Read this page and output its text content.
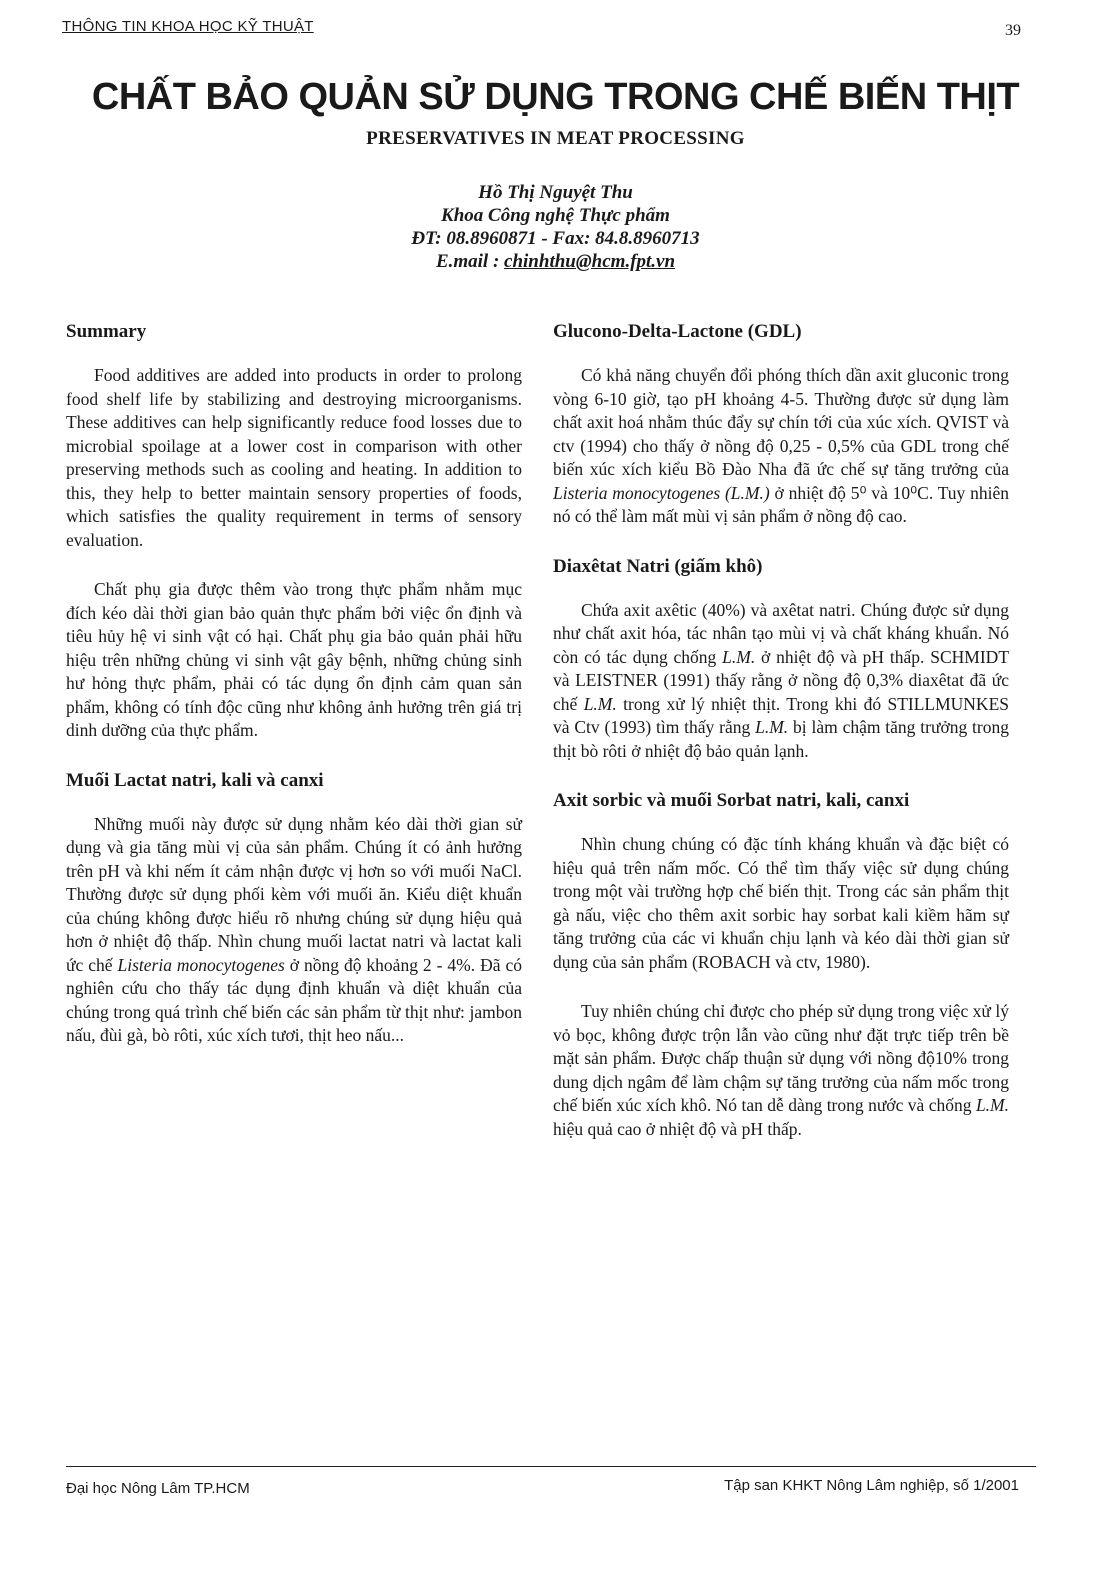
THÔNG TIN KHOA HỌC KỸ THUẬT	39
CHẤT BẢO QUẢN SỬ DỤNG TRONG CHẾ BIẾN THỊT
PRESERVATIVES IN MEAT PROCESSING
Hồ Thị Nguyệt Thu
Khoa Công nghệ Thực phẩm
ĐT: 08.8960871 - Fax: 84.8.8960713
E.mail : chinhthu@hcm.fpt.vn
Summary

Food additives are added into products in order to prolong food shelf life by stabilizing and destroying microorganisms. These additives can help significantly reduce food losses due to microbial spoilage at a lower cost in comparison with other preserving methods such as cooling and heating. In addition to this, they help to better maintain sensory properties of foods, which satisfies the quality requirement in terms of sensory evaluation.

Chất phụ gia được thêm vào trong thực phẩm nhằm mục đích kéo dài thời gian bảo quản thực phẩm bởi việc ổn định và tiêu hủy hệ vi sinh vật có hại. Chất phụ gia bảo quản phải hữu hiệu trên những chủng vi sinh vật gây bệnh, những chủng sinh hư hỏng thực phẩm, phải có tác dụng ổn định cảm quan sản phẩm, không có tính độc cũng như không ảnh hưởng trên giá trị dinh dưỡng của thực phẩm.

Muối Lactat natri, kali và canxi

Những muối này được sử dụng nhằm kéo dài thời gian sử dụng và gia tăng mùi vị của sản phẩm. Chúng ít có ảnh hưởng trên pH và khi nếm ít cảm nhận được vị hơn so với muối NaCl. Thường được sử dụng phối kèm với muối ăn. Kiểu diệt khuẩn của chúng không được hiểu rõ nhưng chúng sử dụng hiệu quả hơn ở nhiệt độ thấp. Nhìn chung muối lactat natri và lactat kali ức chế Listeria monocytogenes ở nồng độ khoảng 2 - 4%. Đã có nghiên cứu cho thấy tác dụng định khuẩn và diệt khuẩn của chúng trong quá trình chế biến các sản phẩm từ thịt như: jambon nấu, đùi gà, bò rôti, xúc xích tươi, thịt heo nấu...

Glucono-Delta-Lactone (GDL)

Có khả năng chuyển đổi phóng thích dần axit gluconic trong vòng 6-10 giờ, tạo pH khoảng 4-5. Thường được sử dụng làm chất axit hoá nhằm thúc đẩy sự chín tới của xúc xích. QVIST và ctv (1994) cho thấy ở nồng độ 0,25 - 0,5% của GDL trong chế biến xúc xích kiểu Bồ Đào Nha đã ức chế sự tăng trưởng của Listeria monocytogenes (L.M.) ở nhiệt độ 5⁰ và 10⁰C. Tuy nhiên nó có thể làm mất mùi vị sản phẩm ở nồng độ cao.

Diaxêtat Natri (giấm khô)

Chứa axit axêtic (40%) và axêtat natri. Chúng được sử dụng như chất axit hóa, tác nhân tạo mùi vị và chất kháng khuẩn. Nó còn có tác dụng chống L.M. ở nhiệt độ và pH thấp. SCHMIDT và LEISTNER (1991) thấy rằng ở nồng độ 0,3% diaxêtat đã ức chế L.M. trong xử lý nhiệt thịt. Trong khi đó STILLMUNKES và Ctv (1993) tìm thấy rằng L.M. bị làm chậm tăng trưởng trong thịt bò rôti ở nhiệt độ bảo quản lạnh.

Axit sorbic và muối Sorbat natri, kali, canxi

Nhìn chung chúng có đặc tính kháng khuẩn và đặc biệt có hiệu quả trên nấm mốc. Có thể tìm thấy việc sử dụng chúng trong một vài trường hợp chế biến thịt. Trong các sản phẩm thịt gà nấu, việc cho thêm axit sorbic hay sorbat kali kiềm hãm sự tăng trưởng của các vi khuẩn chịu lạnh và kéo dài thời gian sử dụng của sản phẩm (ROBACH và ctv, 1980).

Tuy nhiên chúng chỉ được cho phép sử dụng trong việc xử lý vỏ bọc, không được trộn lẫn vào cũng như đặt trực tiếp trên bề mặt sản phẩm. Được chấp thuận sử dụng với nồng độ10% trong dung dịch ngâm để làm chậm sự tăng trưởng của nấm mốc trong chế biến xúc xích khô. Nó tan dễ dàng trong nước và chống L.M. hiệu quả cao ở nhiệt độ và pH thấp.

Đại học Nông Lâm TP.HCM	Tập san KHKT Nông Lâm nghiệp, số 1/2001
